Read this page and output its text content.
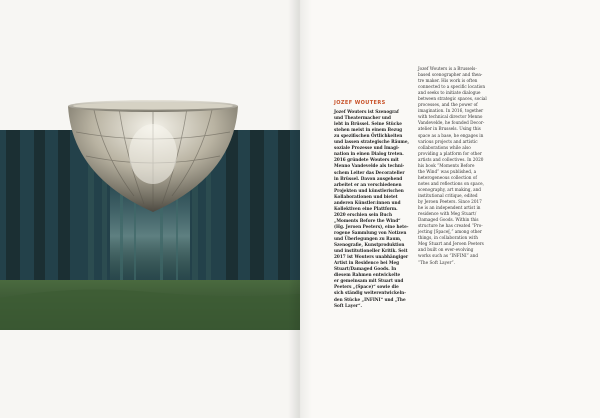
JOZEF WOUTERS
Jozef Wouters ist Szenograf
und Theatermacher und
lebt in Brüssel. Seine Stücke
stehen meist in einem Bezug
zu spezifischen Örtlichkeiten
und lassen strategische Räume,
soziale Prozesse und Imagi-
nation in einen Dialog treten.
2016 gründete Wouters mit
Menno Vandevelde als techni-
schem Leiter das Decoratelier
in Brüssel. Davon ausgehend
arbeitet er an verschiedenen
Projekten und künstlerischen
Kollaborationen und bietet
anderen Künstler:innen und
Kollektiven eine Plattform.
2020 erschien sein Buch
„Moments Before the Wind“
(Hg. Jeroen Peeters), eine hete-
rogene Sammlung von Notizen
und Überlegungen zu Raum,
Szenografie, Kunstproduktion
und institutioneller Kritik. Seit
2017 ist Wouters unabhängiger
Artist in Residence bei Meg
Stuart/Damaged Goods. In
diesem Rahmen entwickelte
er gemeinsam mit Stuart und
Peeters „(Space)“ sowie die
sich ständig weiterentwickeln-
den Stücke „INFINI“ und „The
Soft Layer“.
Jozef Wouters is a Brussels-
based scenographer and thea-
tre maker. His work is often
connected to a specific location
and seeks to initiate dialogue
between strategic spaces, social
processes, and the power of
imagination. In 2016, together
with technical director Menno
Vandevelde, he founded Decor-
atelier in Brussels. Using this
space as a base, he engages in
various projects and artistic
collaborations while also
providing a platform for other
artists and collectives. In 2020
his book “Moments Before
the Wind” was published, a
heterogeneous collection of
notes and reflections on space,
scenography, art making, and
institutional critique, edited
by Jeroen Peeters. Since 2017
he is an independent artist in
residence with Meg Stuart/
Damaged Goods. Within this
structure he has created “Pro-
jecting [Space[,” among other
things, in collaboration with
Meg Stuart and Jeroen Peeters
and built on ever-evolving
works such as “INFINI” and
“The Soft Layer”.
